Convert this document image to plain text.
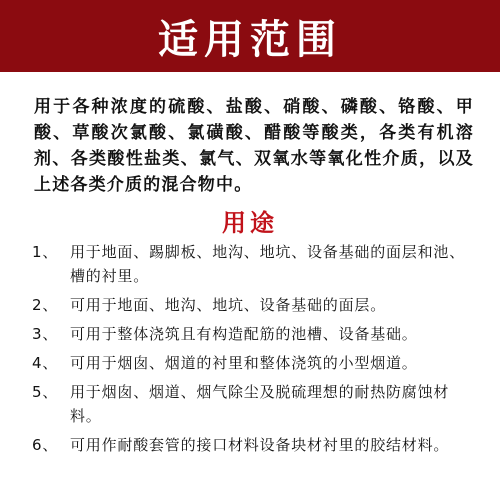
适用范围
用于各种浓度的硫酸、盐酸、硝酸、磷酸、铬酸、甲酸、草酸次氯酸、氯磺酸、醋酸等酸类，各类有机溶剂、各类酸性盐类、氯气、双氧水等氧化性介质，以及上述各类介质的混合物中。
用途
1、 用于地面、踢脚板、地沟、地坑、设备基础的面层和池、槽的衬里。
2、 可用于地面、地沟、地坑、设备基础的面层。
3、 可用于整体浇筑且有构造配筋的池槽、设备基础。
4、 可用于烟囱、烟道的衬里和整体浇筑的小型烟道。
5、 用于烟囱、烟道、烟气除尘及脱硫理想的耐热防腐蚀材料。
6、 可用作耐酸套管的接口材料设备块材衬里的胶结材料。
